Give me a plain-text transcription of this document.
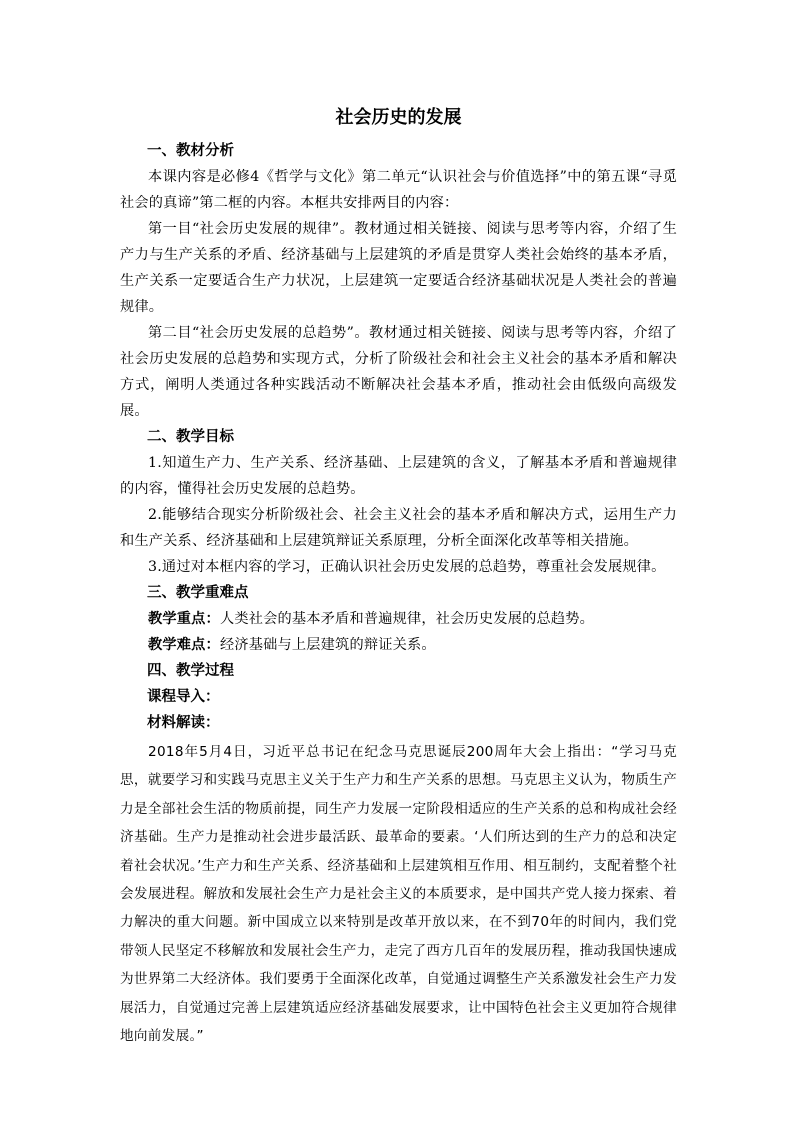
社会历史的发展
一、教材分析

本课内容是必修4《哲学与文化》第二单元“认识社会与价值选择”中的第五课“寻觅社会的真谛”第二框的内容。本框共安排两目的内容：

第一目“社会历史发展的规律”。教材通过相关链接、阅读与思考等内容，介绍了生产力与生产关系的矛盾、经济基础与上层建筑的矛盾是贯穿人类社会始终的基本矛盾，生产关系一定要适合生产力状况，上层建筑一定要适合经济基础状况是人类社会的普遍规律。

第二目“社会历史发展的总趋势”。教材通过相关链接、阅读与思考等内容，介绍了社会历史发展的总趋势和实现方式，分析了阶级社会和社会主义社会的基本矛盾和解决方式，阐明人类通过各种实践活动不断解决社会基本矛盾，推动社会由低级向高级发展。

二、教学目标

1.知道生产力、生产关系、经济基础、上层建筑的含义，了解基本矛盾和普遍规律的内容，懂得社会历史发展的总趋势。

2.能够结合现实分析阶级社会、社会主义社会的基本矛盾和解决方式，运用生产力和生产关系、经济基础和上层建筑辩证关系原理，分析全面深化改革等相关措施。

3.通过对本框内容的学习，正确认识社会历史发展的总趋势，尊重社会发展规律。

三、教学重难点

教学重点：人类社会的基本矛盾和普遍规律，社会历史发展的总趋势。

教学难点：经济基础与上层建筑的辩证关系。

四、教学过程
课程导入：
材料解读：

2018年5月4日，习近平总书记在纪念马克思诞辰200周年大会上指出：“学习马克思，就要学习和实践马克思主义关于生产力和生产关系的思想。马克思主义认为，物质生产力是全部社会生活的物质前提，同生产力发展一定阶段相适应的生产关系的总和构成社会经济基础。生产力是推动社会进步最活跃、最革命的要素。‘人们所达到的生产力的总和决定着社会状况。’生产力和生产关系、经济基础和上层建筑相互作用、相互制约，支配着整个社会发展进程。解放和发展社会生产力是社会主义的本质要求，是中国共产党人接力探索、着力解决的重大问题。新中国成立以来特别是改革开放以来，在不到70年的时间内，我们党带领人民坚定不移解放和发展社会生产力，走完了西方几百年的发展历程，推动我国快速成为世界第二大经济体。我们要勇于全面深化改革，自觉通过调整生产关系激发社会生产力发展活力，自觉通过完善上层建筑适应经济基础发展要求，让中国特色社会主义更加符合规律地向前发展。”
